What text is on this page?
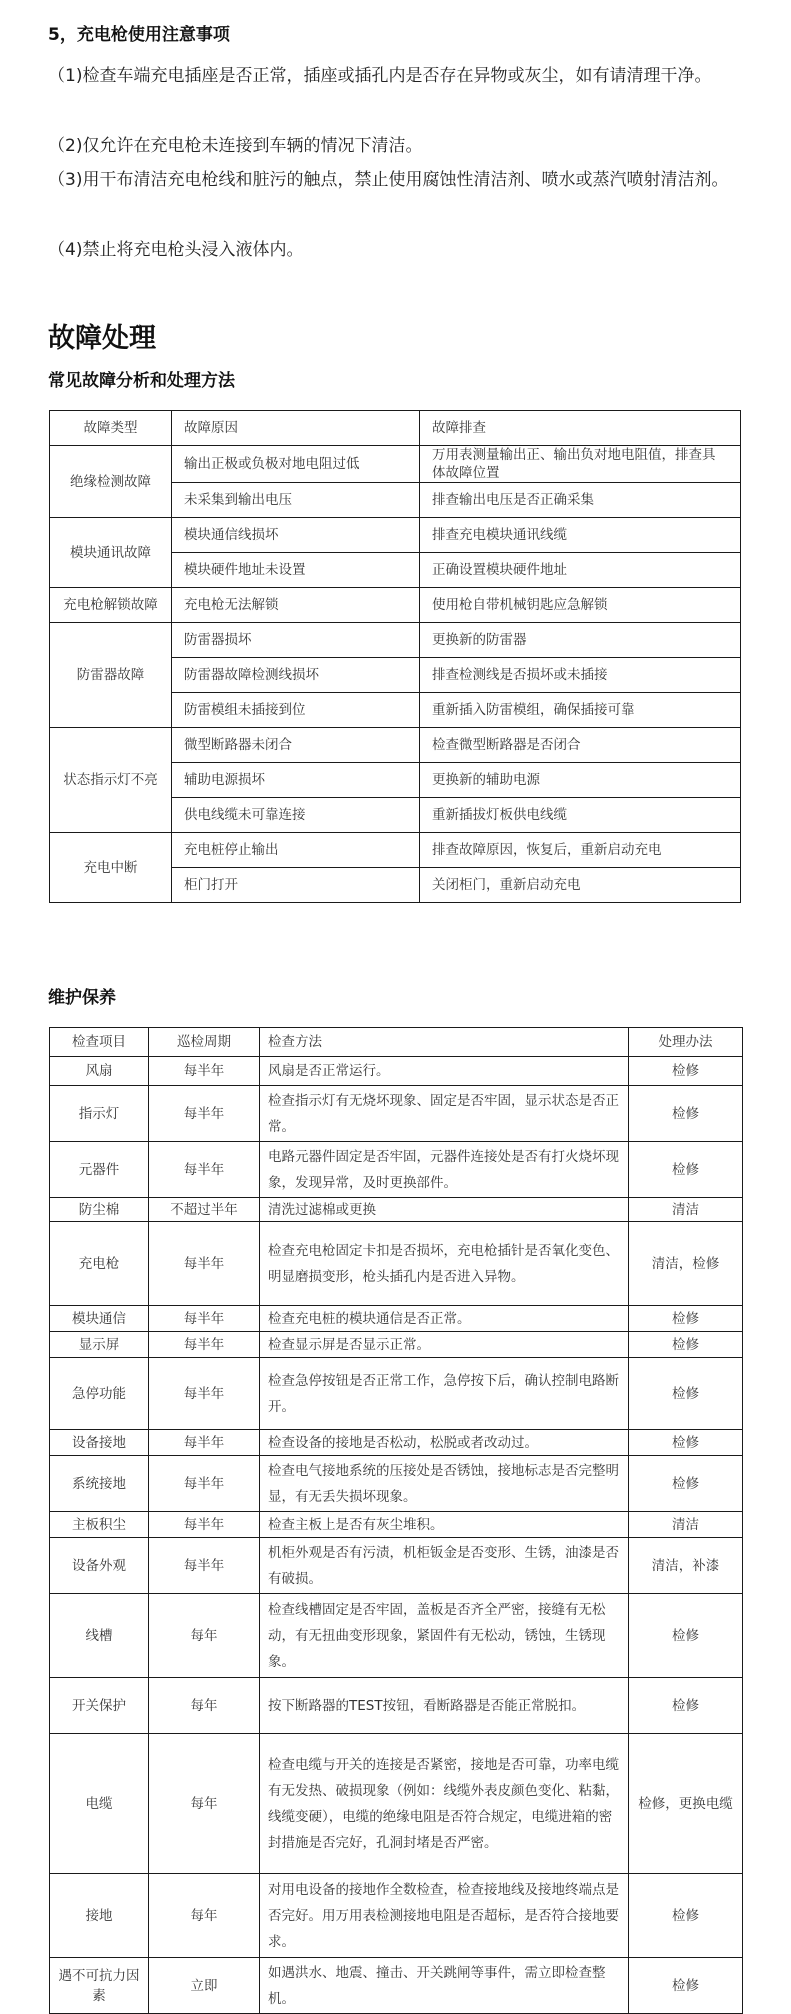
5，充电枪使用注意事项

（1)检查车端充电插座是否正常，插座或插孔内是否存在异物或灰尘，如有请清理干净。

（2)仅允许在充电枪未连接到车辆的情况下清洁。

（3)用干布清洁充电枪线和脏污的触点，禁止使用腐蚀性清洁剂、喷水或蒸汽喷射清洁剂。

（4)禁止将充电枪头浸入液体内。

故障处理
常见故障分析和处理方法
故障类型	故障原因	故障排查
绝缘检测故障	输出正极或负极对地电阻过低	万用表测量输出正、输出负对地电阻值，排查具体故障位置
	未采集到输出电压	排查输出电压是否正确采集
模块通讯故障	模块通信线损坏	排查充电模块通讯线缆
	模块硬件地址未设置	正确设置模块硬件地址
充电枪解锁故障	充电枪无法解锁	使用枪自带机械钥匙应急解锁
防雷器故障	防雷器损坏	更换新的防雷器
	防雷器故障检测线损坏	排查检测线是否损坏或未插接
	防雷模组未插接到位	重新插入防雷模组，确保插接可靠
状态指示灯不亮	微型断路器未闭合	检查微型断路器是否闭合
	辅助电源损坏	更换新的辅助电源
	供电线缆未可靠连接	重新插拔灯板供电线缆
充电中断	充电桩停止输出	排查故障原因，恢复后，重新启动充电
	柜门打开	关闭柜门，重新启动充电
维护保养
检查项目	巡检周期	检查方法	处理办法
风扇	每半年	风扇是否正常运行。	检修
指示灯	每半年	检查指示灯有无烧坏现象、固定是否牢固，显示状态是否正常。	检修
元器件	每半年	电路元器件固定是否牢固，元器件连接处是否有打火烧坏现象，发现异常，及时更换部件。	检修
防尘棉	不超过半年	清洗过滤棉或更换	清洁
充电枪	每半年	检查充电枪固定卡扣是否损坏，充电枪插针是否氧化变色、明显磨损变形，枪头插孔内是否进入异物。	清洁，检修
模块通信	每半年	检查充电桩的模块通信是否正常。	检修
显示屏	每半年	检查显示屏是否显示正常。	检修
急停功能	每半年	检查急停按钮是否正常工作，急停按下后，确认控制电路断开。	检修
设备接地	每半年	检查设备的接地是否松动，松脱或者改动过。	检修
系统接地	每半年	检查电气接地系统的压接处是否锈蚀，接地标志是否完整明显，有无丢失损坏现象。	检修
主板积尘	每半年	检查主板上是否有灰尘堆积。	清洁
设备外观	每半年	机柜外观是否有污渍，机柜钣金是否变形、生锈，油漆是否有破损。	清洁，补漆
线槽	每年	检查线槽固定是否牢固，盖板是否齐全严密，接缝有无松动，有无扭曲变形现象，紧固件有无松动，锈蚀，生锈现象。	检修
开关保护	每年	按下断路器的TEST按钮，看断路器是否能正常脱扣。	检修
电缆	每年	检查电缆与开关的连接是否紧密，接地是否可靠，功率电缆有无发热、破损现象（例如：线缆外表皮颜色变化、粘黏，线缆变硬），电缆的绝缘电阻是否符合规定，电缆进箱的密封措施是否完好，孔洞封堵是否严密。	检修，更换电缆
接地	每年	对用电设备的接地作全数检查，检查接地线及接地终端点是否完好。用万用表检测接地电阻是否超标，是否符合接地要求。	检修
遇不可抗力因素	立即	如遇洪水、地震、撞击、开关跳闸等事件，需立即检查整机。	检修
